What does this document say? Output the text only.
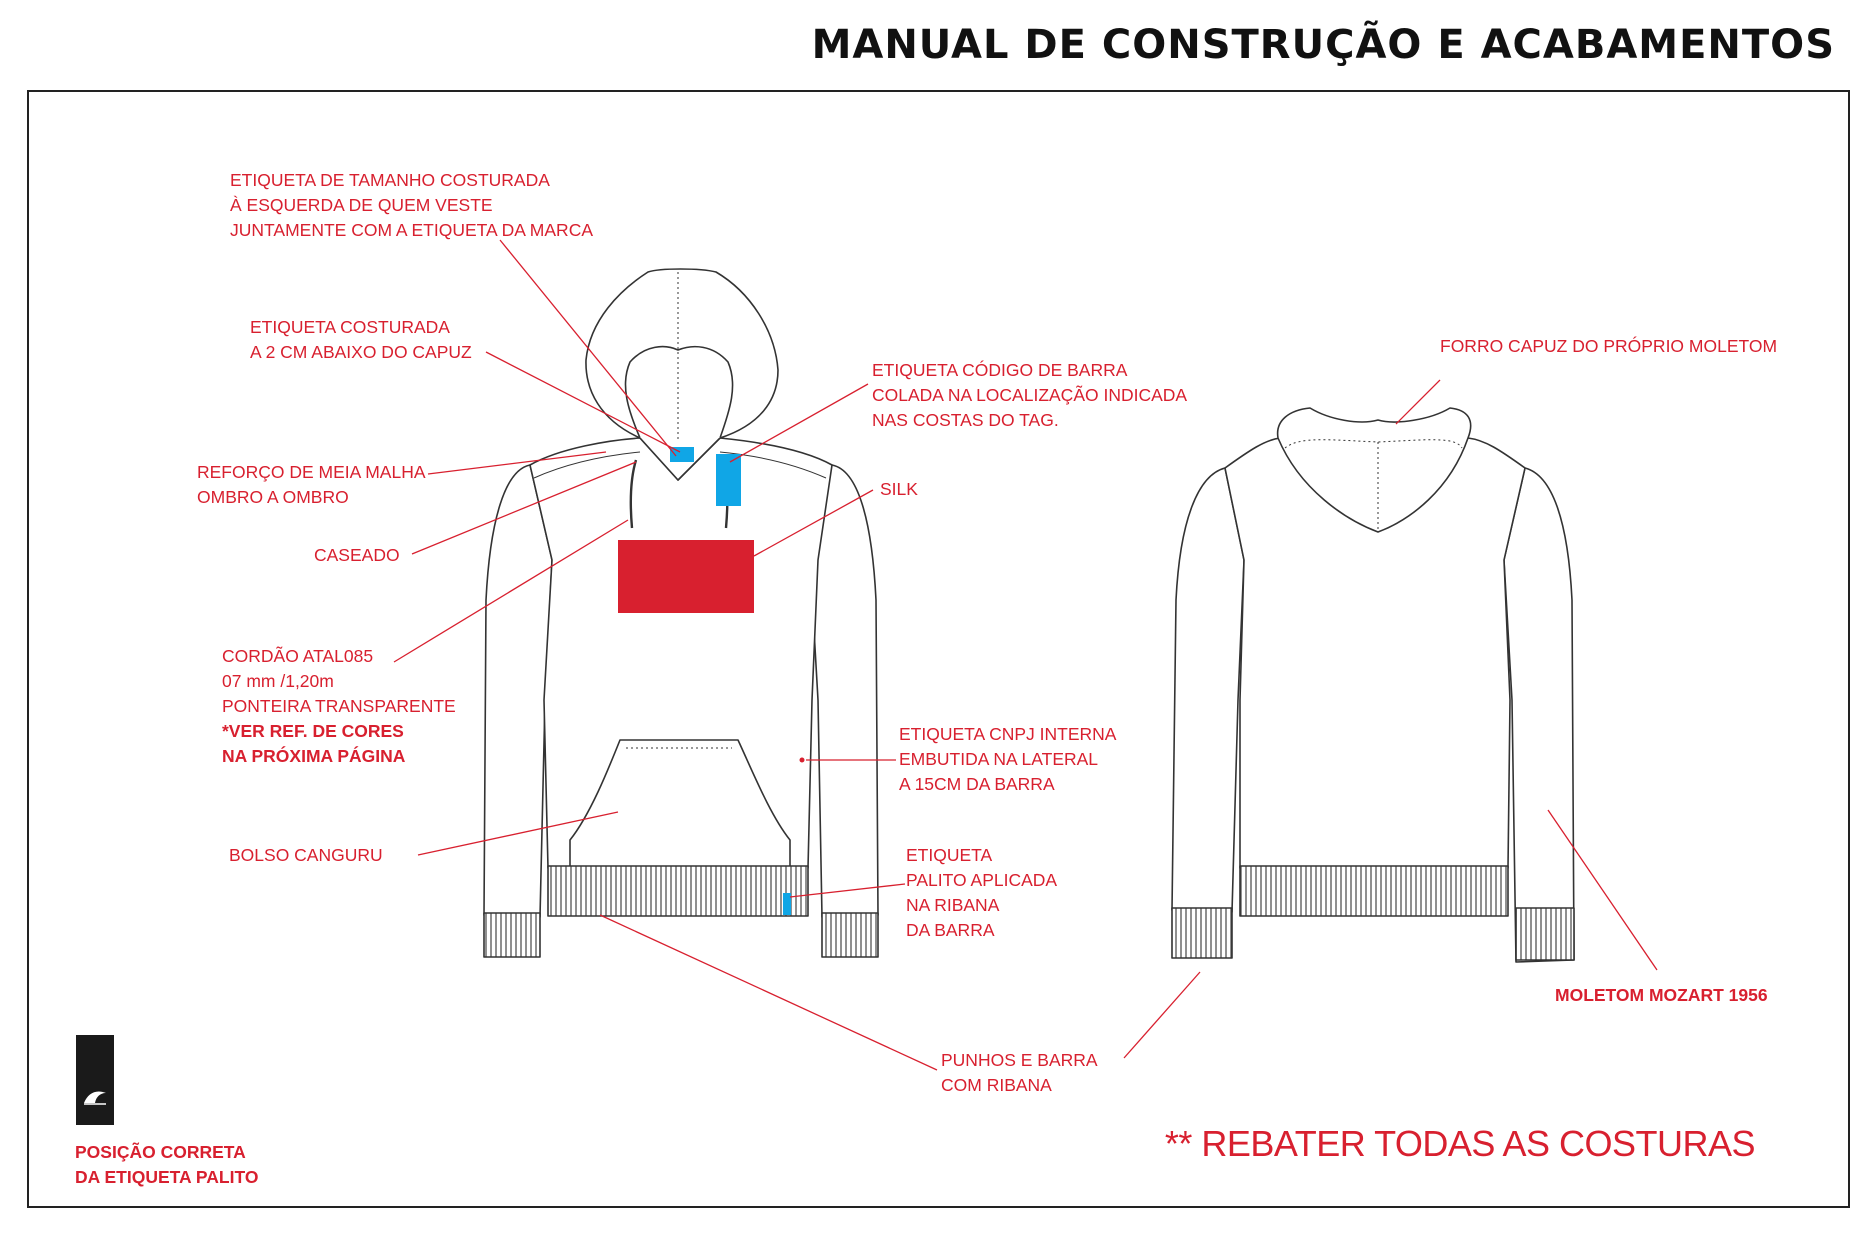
MANUAL DE CONSTRUÇÃO E ACABAMENTOS
ETIQUETA DE TAMANHO COSTURADA
À ESQUERDA DE QUEM VESTE
JUNTAMENTE COM A ETIQUETA DA MARCA
ETIQUETA COSTURADA
A 2 CM ABAIXO DO CAPUZ
REFORÇO DE MEIA MALHA
OMBRO A OMBRO
CASEADO
CORDÃO ATAL085
07 mm /1,20m
PONTEIRA TRANSPARENTE
*VER REF. DE CORES
NA PRÓXIMA PÁGINA
BOLSO CANGURU
ETIQUETA CÓDIGO DE BARRA
COLADA NA LOCALIZAÇÃO INDICADA
NAS COSTAS DO TAG.
SILK
ETIQUETA CNPJ INTERNA
EMBUTIDA NA LATERAL
A 15CM DA BARRA
ETIQUETA
PALITO APLICADA
NA RIBANA
DA BARRA
PUNHOS E BARRA
COM RIBANA
FORRO CAPUZ DO PRÓPRIO MOLETOM
MOLETOM MOZART 1956
POSIÇÃO CORRETA
DA ETIQUETA PALITO
** REBATER TODAS AS COSTURAS
